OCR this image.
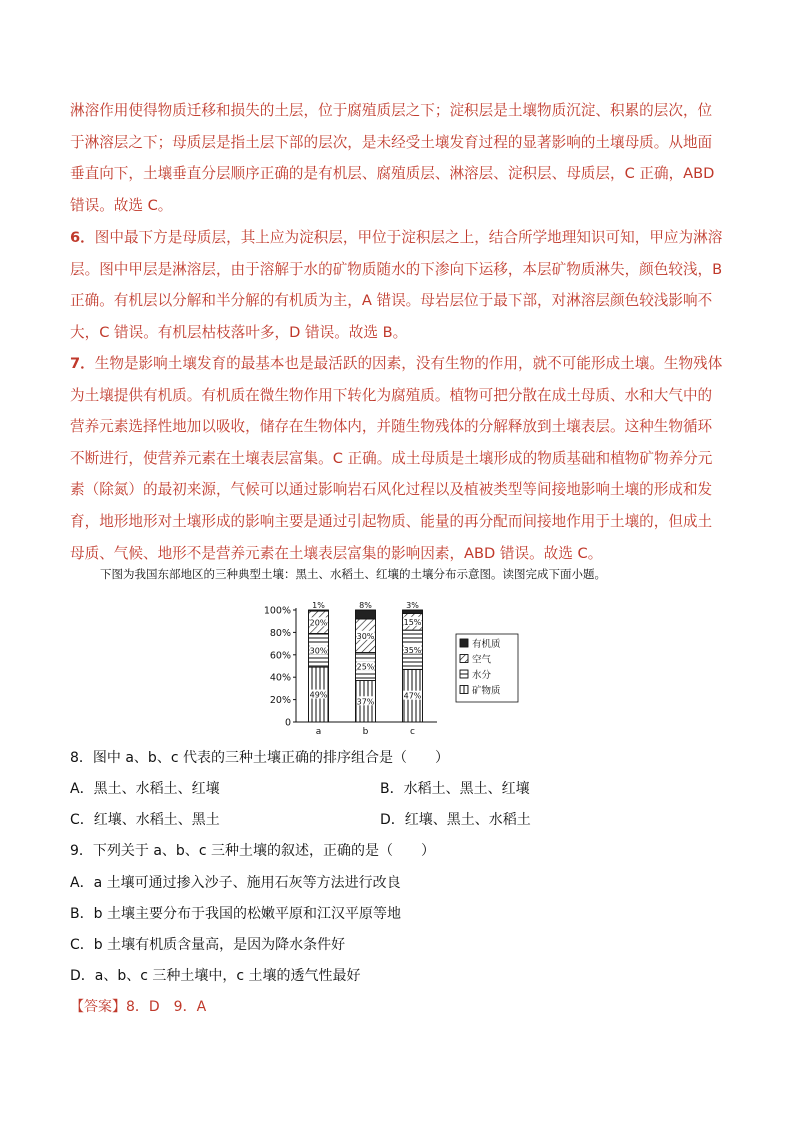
淋溶作用使得物质迁移和损失的土层，位于腐殖质层之下；淀积层是土壤物质沉淀、积累的层次，位于淋溶层之下；母质层是指土层下部的层次，是未经受土壤发育过程的显著影响的土壤母质。从地面垂直向下，土壤垂直分层顺序正确的是有机层、腐殖质层、淋溶层、淀积层、母质层，C 正确，ABD 错误。故选 C。

6．图中最下方是母质层，其上应为淀积层，甲位于淀积层之上，结合所学地理知识可知，甲应为淋溶层。图中甲层是淋溶层，由于溶解于水的矿物质随水的下渗向下运移，本层矿物质淋失，颜色较浅，B 正确。有机层以分解和半分解的有机质为主，A 错误。母岩层位于最下部，对淋溶层颜色较浅影响不大，C 错误。有机层枯枝落叶多，D 错误。故选 B。

7．生物是影响土壤发育的最基本也是最活跃的因素，没有生物的作用，就不可能形成土壤。生物残体为土壤提供有机质。有机质在微生物作用下转化为腐殖质。植物可把分散在成土母质、水和大气中的营养元素选择性地加以吸收，储存在生物体内，并随生物残体的分解释放到土壤表层。这种生物循环不断进行，使营养元素在土壤表层富集。C 正确。成土母质是土壤形成的物质基础和植物矿物养分元素（除氮）的最初来源，气候可以通过影响岩石风化过程以及植被类型等间接地影响土壤的形成和发育，地形地形对土壤形成的影响主要是通过引起物质、能量的再分配而间接地作用于土壤的，但成土母质、气候、地形不是营养元素在土壤表层富集的影响因素，ABD 错误。故选 C。

下图为我国东部地区的三种典型土壤：黑土、水稻土、红壤的土壤分布示意图。读图完成下面小题。
0
20%
40%
60%
80%
100%
a	b	c
49%
30%
20%
1%
37%
25%
30%
8%
47%
35%
15%
3%
有机质
空气
水分
矿物质
8．图中 a、b、c 代表的三种土壤正确的排序组合是（　　）
A．黑土、水稻土、红壤	B．水稻土、黑土、红壤
C．红壤、水稻土、黑土	D．红壤、黑土、水稻土
9．下列关于 a、b、c 三种土壤的叙述，正确的是（　　）
A．a 土壤可通过掺入沙子、施用石灰等方法进行改良
B．b 土壤主要分布于我国的松嫩平原和江汉平原等地
C．b 土壤有机质含量高，是因为降水条件好
D．a、b、c 三种土壤中，c 土壤的透气性最好
【答案】8．D　9．A
